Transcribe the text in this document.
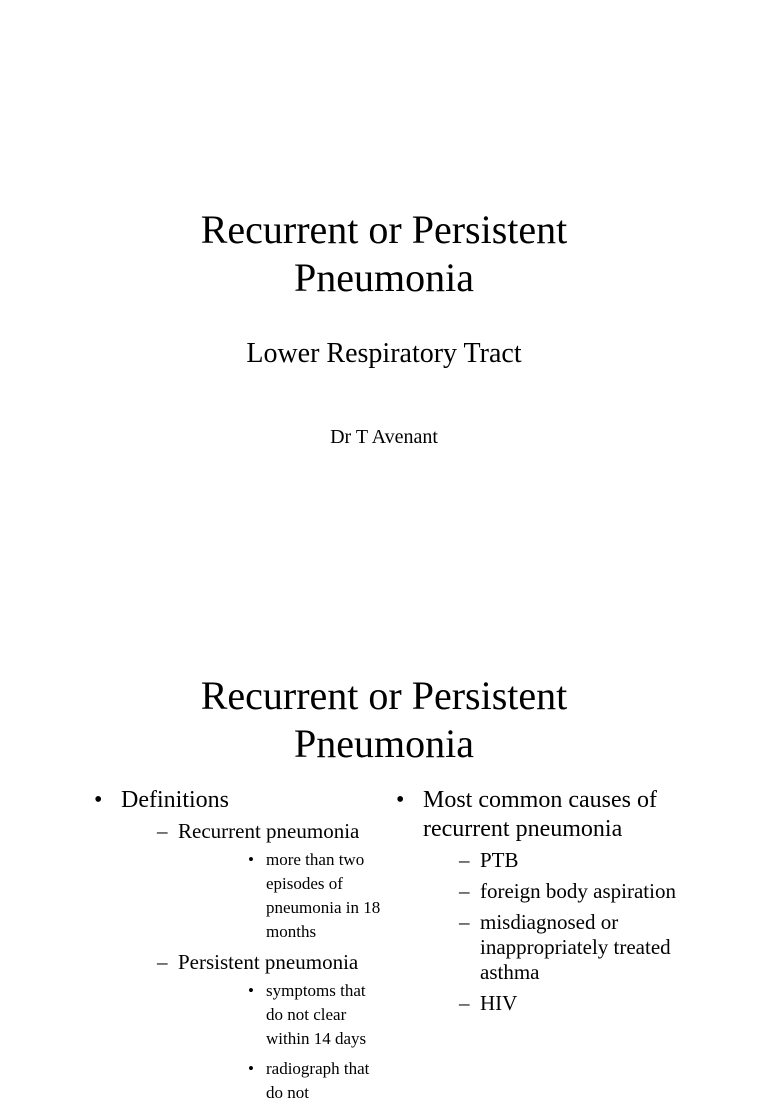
Recurrent or Persistent
Pneumonia
Lower Respiratory Tract
Dr T Avenant
Recurrent or Persistent
Pneumonia
• Definitions
– Recurrent pneumonia
• more than two episodes of pneumonia in 18 months
– Persistent pneumonia
• symptoms that do not clear within 14 days
• radiograph that do not
• Most common causes of recurrent pneumonia
– PTB
– foreign body aspiration
– misdiagnosed or inappropriately treated asthma
– HIV
